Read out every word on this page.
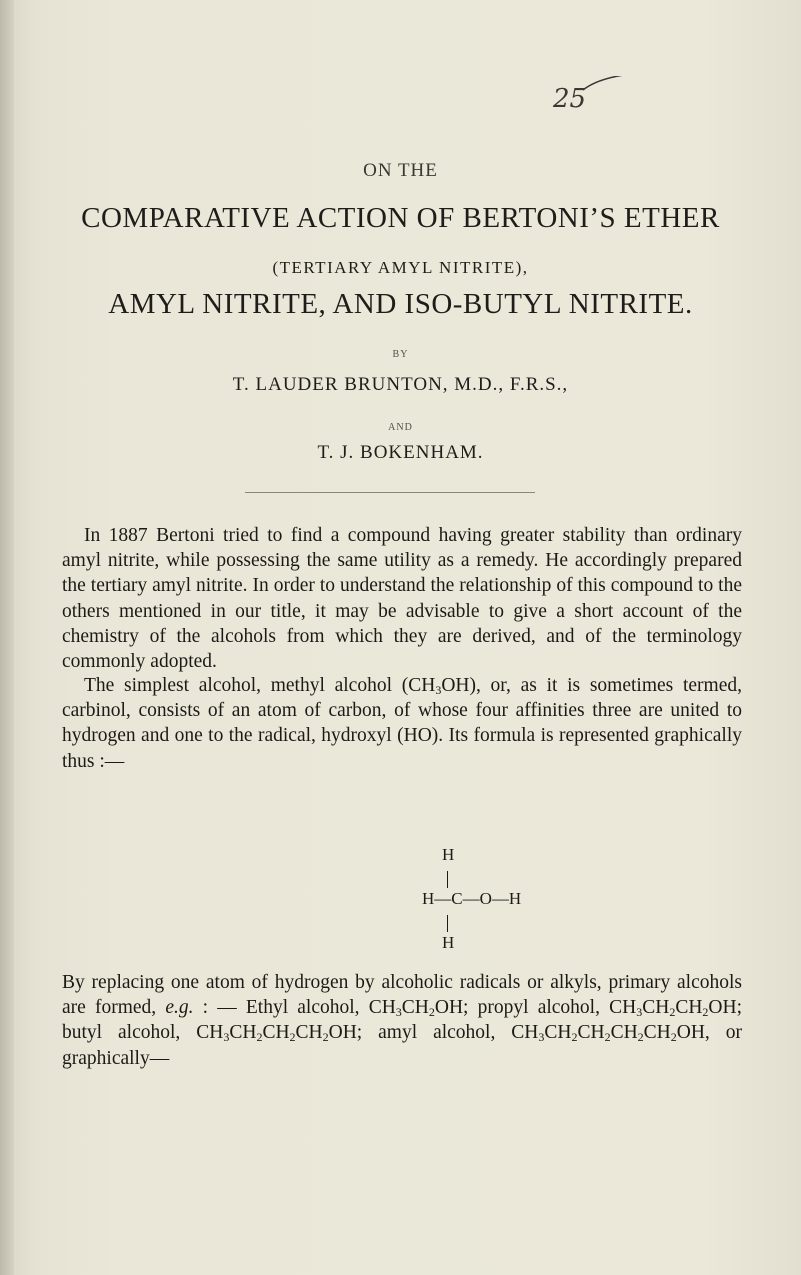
25
ON THE
COMPARATIVE ACTION OF BERTONI’S ETHER
(TERTIARY AMYL NITRITE),
AMYL NITRITE, AND ISO-BUTYL NITRITE.
BY
T. LAUDER BRUNTON, M.D., F.R.S.,
AND
T. J. BOKENHAM.
In 1887 Bertoni tried to find a compound having greater stability than ordinary amyl nitrite, while possessing the same utility as a remedy. He accordingly prepared the tertiary amyl nitrite. In order to understand the relationship of this compound to the others mentioned in our title, it may be advisable to give a short account of the chemistry of the alcohols from which they are derived, and of the terminology commonly adopted.
The simplest alcohol, methyl alcohol $(CH_3OH)$, or, as it is sometimes termed, carbinol, consists of an atom of carbon, of whose four affinities three are united to hydrogen and one to the radical, hydroxyl (HO). Its formula is represented graphically thus :—
H
H—C—O—H
H
By replacing one atom of hydrogen by alcoholic radicals or alkyls, primary alcohols are formed, e.g. : — Ethyl alcohol, $CH_3CH_2OH$; propyl alcohol, $CH_3CH_2CH_2OH$; butyl alcohol, $CH_3CH_2CH_2CH_2OH$; amyl alcohol, $CH_3CH_2CH_2CH_2CH_2OH$, or graphically—
